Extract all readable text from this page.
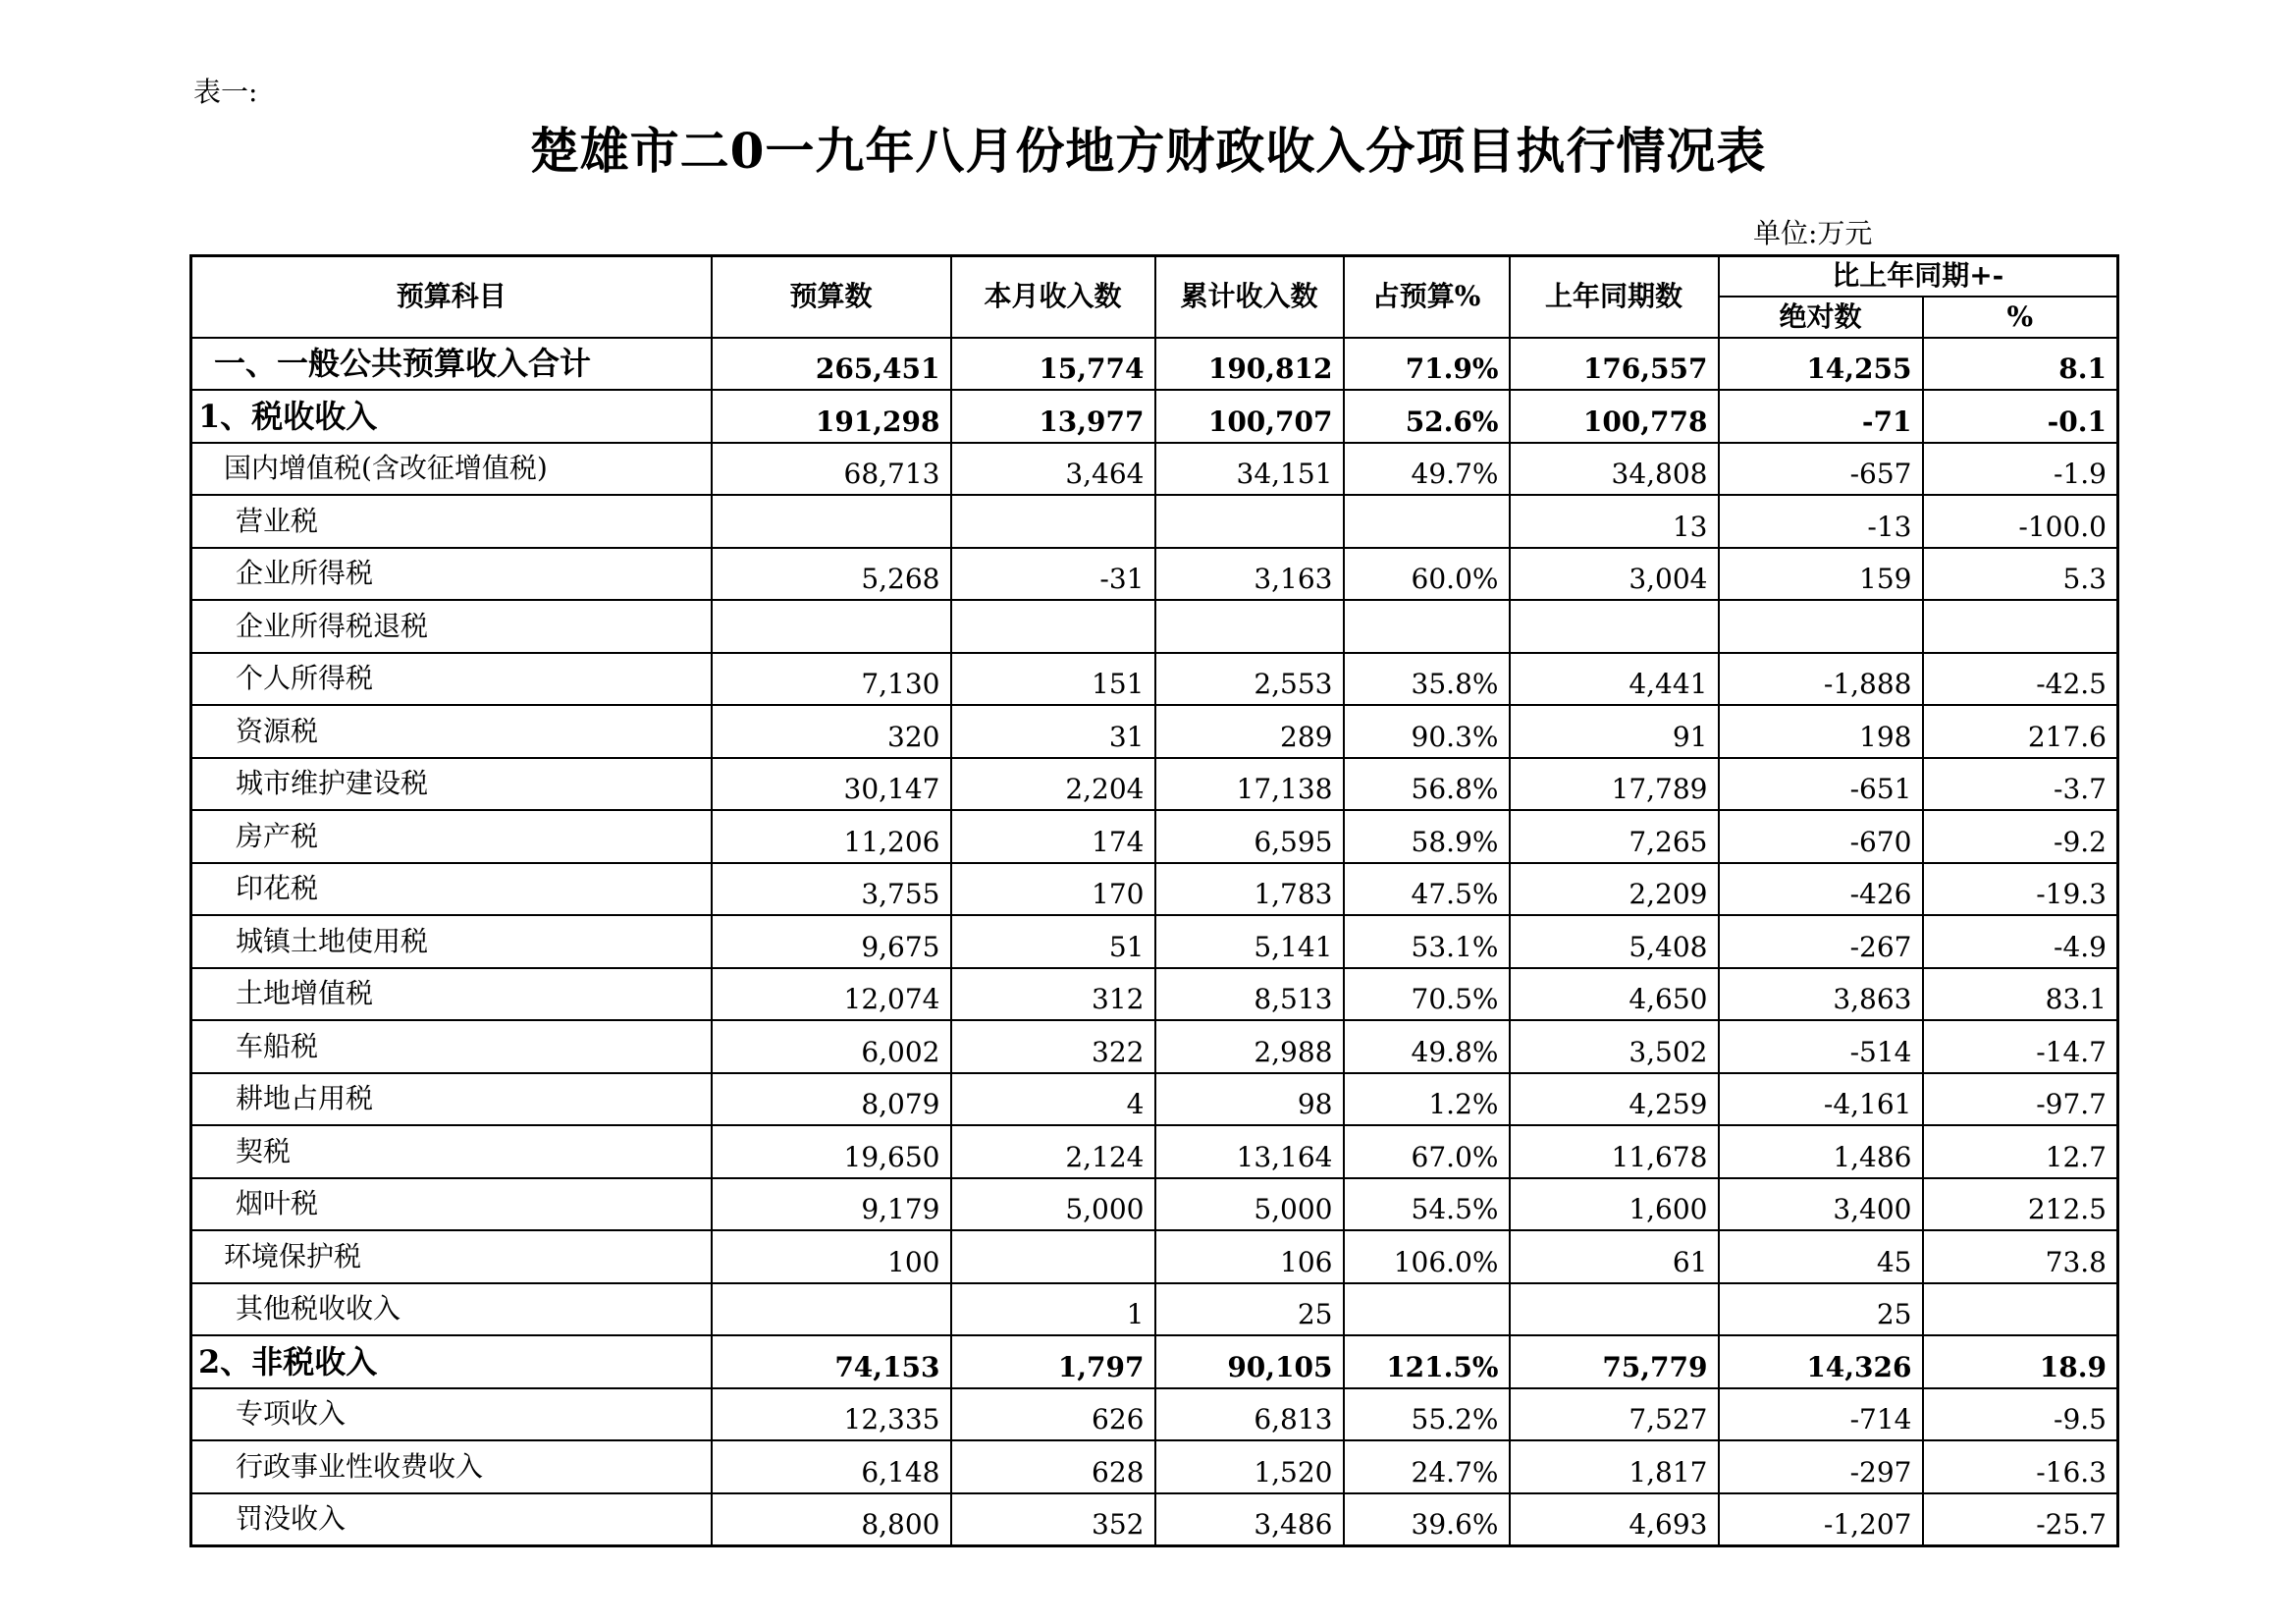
表一:
楚雄市二0一九年八月份地方财政收入分项目执行情况表
单位:万元
预算科目	预算数	本月收入数	累计收入数	占预算%	上年同期数	比上年同期+-	
						绝对数	%
一、一般公共预算收入合计	265,451	15,774	190,812	71.9%	176,557	14,255	8.1
1、税收收入	191,298	13,977	100,707	52.6%	100,778	-71	-0.1
国内增值税(含改征增值税)	68,713	3,464	34,151	49.7%	34,808	-657	-1.9
营业税					13	-13	-100.0
企业所得税	5,268	-31	3,163	60.0%	3,004	159	5.3
企业所得税退税							
个人所得税	7,130	151	2,553	35.8%	4,441	-1,888	-42.5
资源税	320	31	289	90.3%	91	198	217.6
城市维护建设税	30,147	2,204	17,138	56.8%	17,789	-651	-3.7
房产税	11,206	174	6,595	58.9%	7,265	-670	-9.2
印花税	3,755	170	1,783	47.5%	2,209	-426	-19.3
城镇土地使用税	9,675	51	5,141	53.1%	5,408	-267	-4.9
土地增值税	12,074	312	8,513	70.5%	4,650	3,863	83.1
车船税	6,002	322	2,988	49.8%	3,502	-514	-14.7
耕地占用税	8,079	4	98	1.2%	4,259	-4,161	-97.7
契税	19,650	2,124	13,164	67.0%	11,678	1,486	12.7
烟叶税	9,179	5,000	5,000	54.5%	1,600	3,400	212.5
环境保护税	100		106	106.0%	61	45	73.8
其他税收收入		1	25			25	
2、非税收入	74,153	1,797	90,105	121.5%	75,779	14,326	18.9
专项收入	12,335	626	6,813	55.2%	7,527	-714	-9.5
行政事业性收费收入	6,148	628	1,520	24.7%	1,817	-297	-16.3
罚没收入	8,800	352	3,486	39.6%	4,693	-1,207	-25.7
